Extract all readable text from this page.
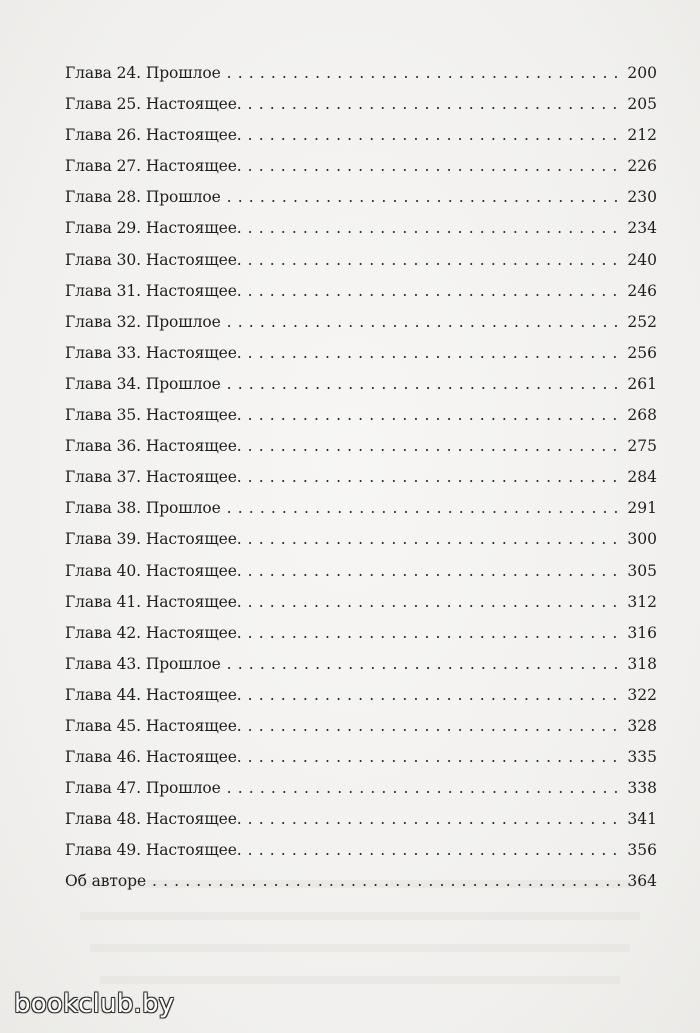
Глава 24. Прошлое . . .	200
Глава 25. Настоящее. . . .	205
Глава 26. Настоящее. . . .	212
Глава 27. Настоящее. . . .	226
Глава 28. Прошлое . . .	230
Глава 29. Настоящее. . . .	234
Глава 30. Настоящее. . . .	240
Глава 31. Настоящее. . . .	246
Глава 32. Прошлое . . .	252
Глава 33. Настоящее. . . .	256
Глава 34. Прошлое . . .	261
Глава 35. Настоящее. . . .	268
Глава 36. Настоящее. . . .	275
Глава 37. Настоящее. . . .	284
Глава 38. Прошлое . . .	291
Глава 39. Настоящее. . . .	300
Глава 40. Настоящее. . . .	305
Глава 41. Настоящее. . . .	312
Глава 42. Настоящее. . . .	316
Глава 43. Прошлое . . .	318
Глава 44. Настоящее. . . .	322
Глава 45. Настоящее. . . .	328
Глава 46. Настоящее. . . .	335
Глава 47. Прошлое . . .	338
Глава 48. Настоящее. . . .	341
Глава 49. Настоящее. . . .	356
Об авторе . . .	364
bookclub.by
